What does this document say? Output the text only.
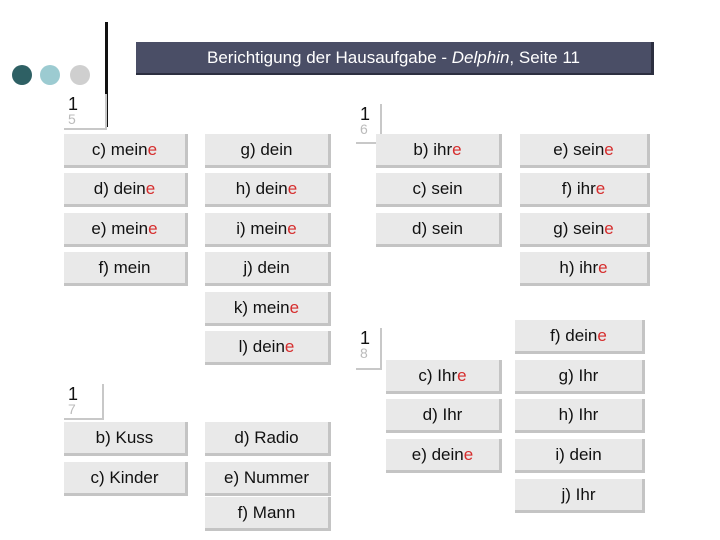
Berichtigung der Hausaufgabe -
Delphin , Seite 11
1
5	1
6
1
8
1
7
c) mein e
d) dein e
e) mein e
f) mein
g) dein
h) dein e
i) mein e
j) dein
k) mein e
l) dein e
b) ihr e
c) sein
d) sein
e) sein e
f) ihr e
g) sein e
h) ihr e
b) Kuss
c) Kinder
d) Radio
e) Nummer
f) Mann
c) Ihr e
d) Ihr
e) dein e
f) dein e
g) Ihr
h) Ihr
i) dein
j) Ihr
